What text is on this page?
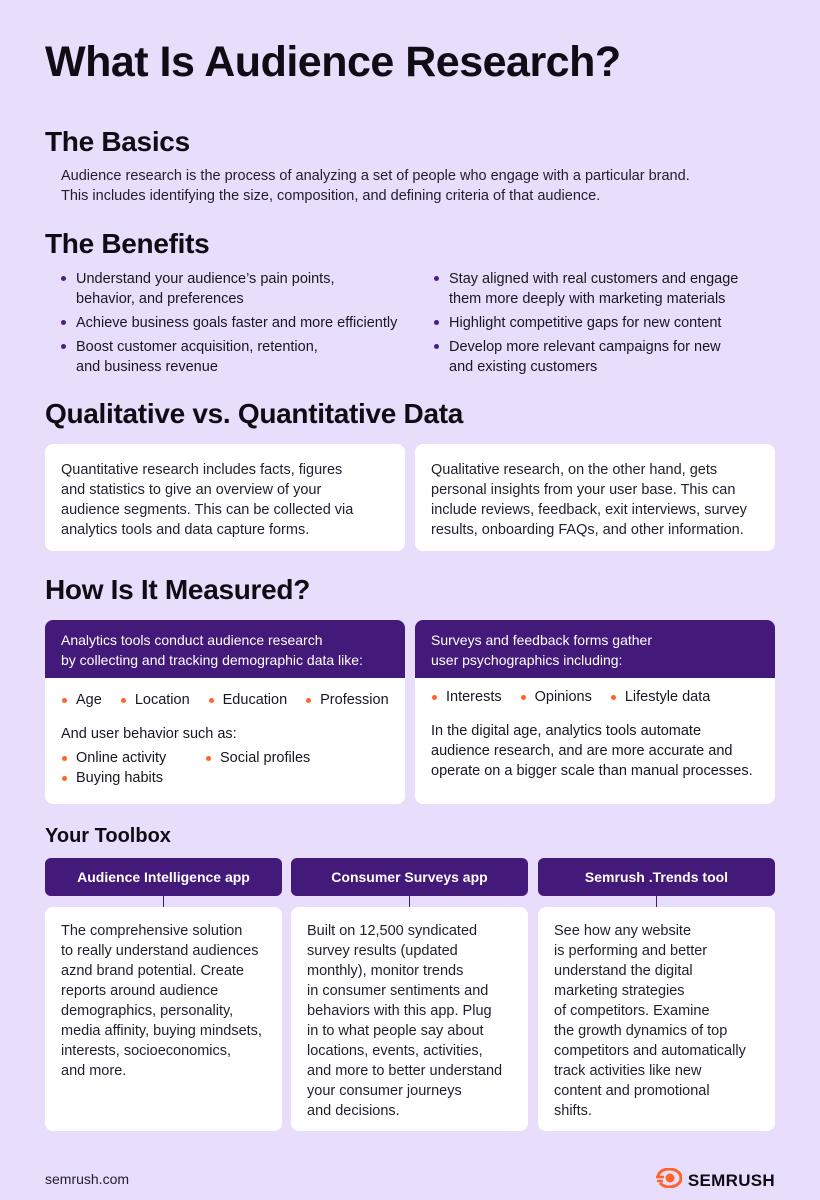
What Is Audience Research?
The Basics
Audience research is the process of analyzing a set of people who engage with a particular brand.
This includes identifying the size, composition, and defining criteria of that audience.
The Benefits
Understand your audience’s pain points,
behavior, and preferences
Achieve business goals faster and more efficiently
Boost customer acquisition, retention,
and business revenue
Stay aligned with real customers and engage
them more deeply with marketing materials
Highlight competitive gaps for new content
Develop more relevant campaigns for new
and existing customers
Qualitative vs. Quantitative Data
Quantitative research includes facts, figures
and statistics to give an overview of your
audience segments. This can be collected via
analytics tools and data capture forms.
Qualitative research, on the other hand, gets
personal insights from your user base. This can
include reviews, feedback, exit interviews, survey
results, onboarding FAQs, and other information.
How Is It Measured?
Analytics tools conduct audience research
by collecting and tracking demographic data like:
Age	Location	Education	Profession
And user behavior such as:
Online activity	Social profiles
Buying habits
Surveys and feedback forms gather
user psychographics including:
Interests	Opinions	Lifestyle data
In the digital age, analytics tools automate
audience research, and are more accurate and
operate on a bigger scale than manual processes.
Your Toolbox
Audience Intelligence app	Consumer Surveys app	Semrush .Trends tool
The comprehensive solution
to really understand audiences
aznd brand potential. Create
reports around audience
demographics, personality,
media affinity, buying mindsets,
interests, socioeconomics,
and more.
Built on 12,500 syndicated
survey results (updated
monthly), monitor trends
in consumer sentiments and
behaviors with this app. Plug
in to what people say about
locations, events, activities,
and more to better understand
your consumer journeys
and decisions.
See how any website
is performing and better
understand the digital
marketing strategies
of competitors. Examine
the growth dynamics of top
competitors and automatically
track activities like new
content and promotional
shifts.
semrush.com	SEMRUSH
